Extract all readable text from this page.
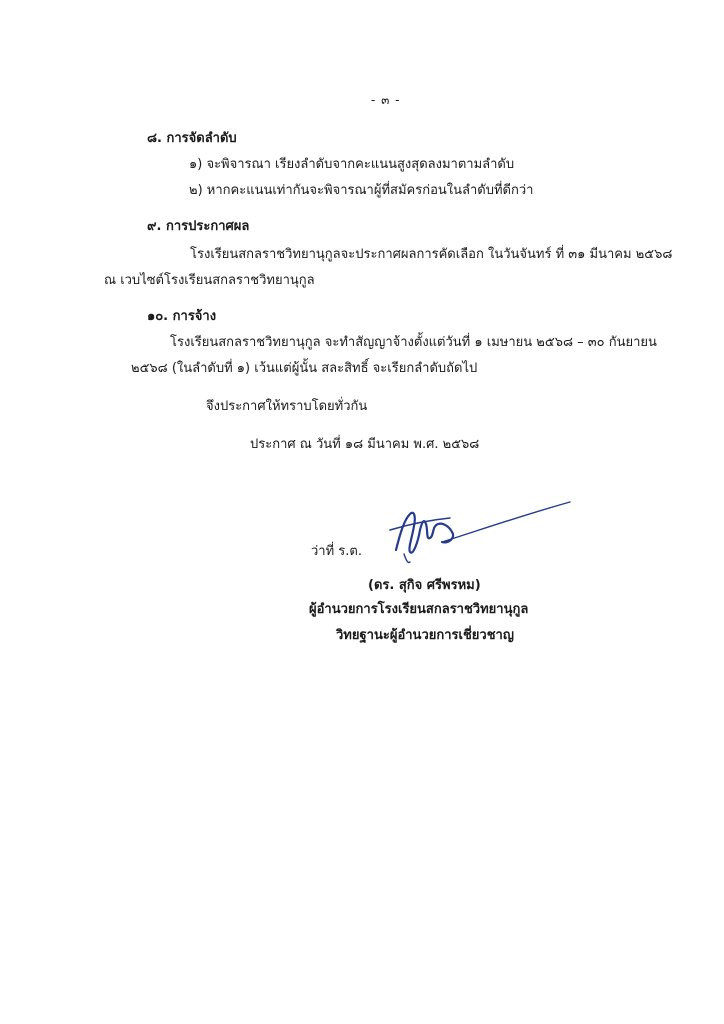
- ๓ -
๘. การจัดลำดับ
๑) จะพิจารณา เรียงลำดับจากคะแนนสูงสุดลงมาตามลำดับ
๒) หากคะแนนเท่ากันจะพิจารณาผู้ที่สมัครก่อนในลำดับที่ดีกว่า
๙. การประกาศผล
โรงเรียนสกลราชวิทยานุกูลจะประกาศผลการคัดเลือก ในวันจันทร์ ที่ ๓๑ มีนาคม ๒๕๖๘
ณ เวบไซต์โรงเรียนสกลราชวิทยานุกูล
๑๐. การจ้าง
โรงเรียนสกลราชวิทยานุกูล จะทำสัญญาจ้างตั้งแต่วันที่ ๑ เมษายน ๒๕๖๘ – ๓๐ กันยายน
๒๕๖๘ (ในลำดับที่ ๑) เว้นแต่ผู้นั้น สละสิทธิ์ จะเรียกลำดับถัดไป
จึงประกาศให้ทราบโดยทั่วกัน
ประกาศ ณ วันที่ ๑๘ มีนาคม พ.ศ. ๒๕๖๘
ว่าที่ ร.ต.
(ดร. สุกิจ ศรีพรหม)
ผู้อำนวยการโรงเรียนสกลราชวิทยานุกูล
วิทยฐานะผู้อำนวยการเชี่ยวชาญ
